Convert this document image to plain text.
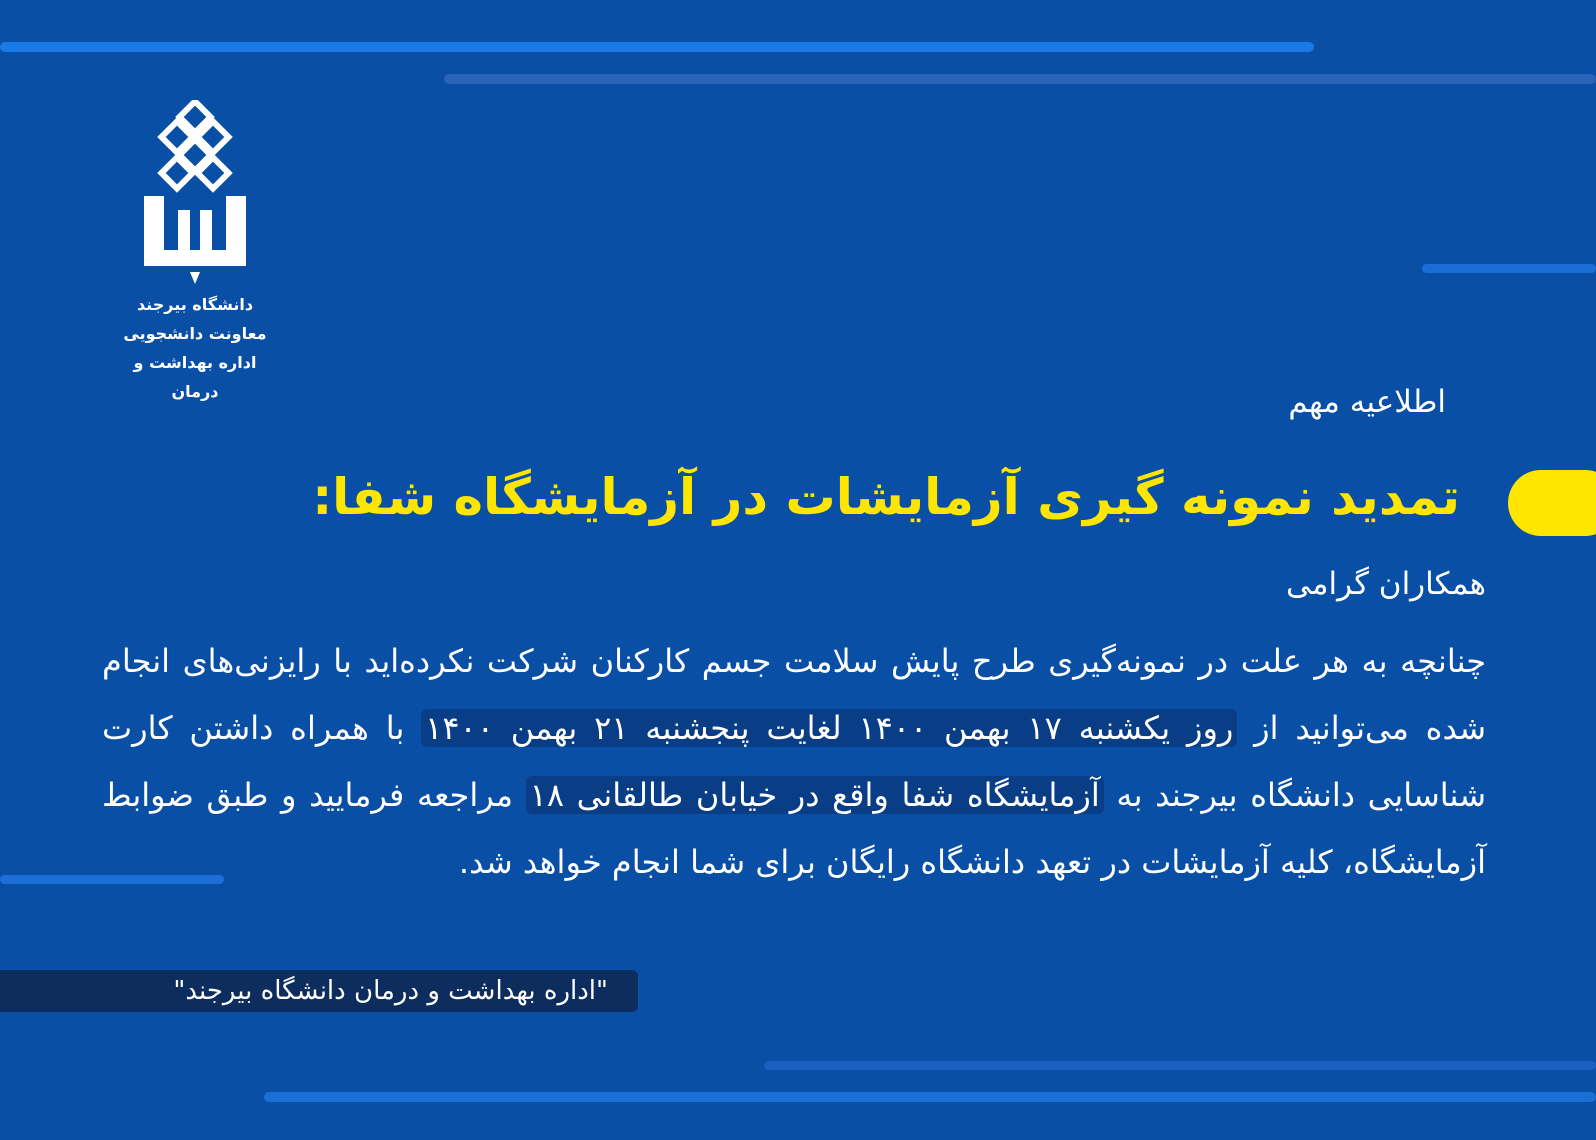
دانشگاه بیرجند
معاونت دانشجویی
اداره بهداشت و درمان	اطلاعیه مهم
تمدید نمونه گیری آزمایشات در آزمایشگاه شفا:
همکاران گرامی
چنانچه به هر علت در نمونه‌گیری طرح پایش سلامت جسم کارکنان شرکت نکرده‌اید با رایزنی‌های انجام شده می‌توانید از روز یکشنبه ۱۷ بهمن ۱۴۰۰ لغایت پنجشنبه ۲۱ بهمن ۱۴۰۰ با همراه داشتن کارت شناسایی دانشگاه بیرجند به آزمایشگاه شفا واقع در خیابان طالقانی ۱۸ مراجعه فرمایید و طبق ضوابط آزمایشگاه، کلیه آزمایشات در تعهد دانشگاه رایگان برای شما انجام خواهد شد.
"اداره بهداشت و درمان دانشگاه بیرجند"
